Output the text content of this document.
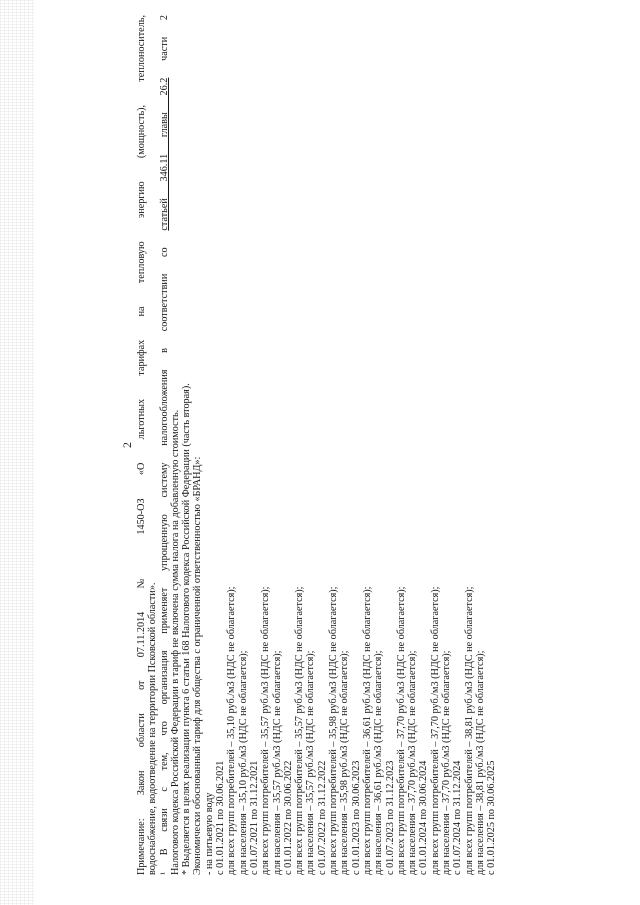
2 Примечание: Закон области от 07.11.2014 № 1450-ОЗ «О льготных тарифах на тепловую энергию (мощность), теплоноситель, водоснабжение, водоотведение на территории Псковской области». ¹ В связи с тем, что организация применяет упрощенную систему налогообложения в соответствии со статьей 346.11 главы 26.2 части 2
Налогового кодекса Российской Федерации в тариф не включена сумма налога на добавленную стоимость. * Выделяется в целях реализации пункта 6 статьи 168 Налогового кодекса Российской Федерации (часть вторая). Экономически обоснованный тариф для общества с ограниченной ответственностью «БРАНД»: - на питьевую воду с 01.01.2021 по 30.06.2021 для всех групп потребителей – 35,10 руб./м3 (НДС не облагается); для населения – 35,10 руб./м3 (НДС не облагается); с 01.07.2021 по 31.12.2021 для всех групп потребителей – 35,57 руб./м3 (НДС не облагается); для населения – 35,57 руб./м3 (НДС не облагается); с 01.01.2022 по 30.06.2022 для всех групп потребителей – 35,57 руб./м3 (НДС не облагается); для населения – 35,57 руб./м3 (НДС не облагается); с 01.07.2022 по 31.12.2022 для всех групп потребителей – 35,98 руб./м3 (НДС не облагается); для населения – 35,98 руб./м3 (НДС не облагается); с 01.01.2023 по 30.06.2023 для всех групп потребителей – 36,61 руб./м3 (НДС не облагается); для населения – 36,61 руб./м3 (НДС не облагается); с 01.07.2023 по 31.12.2023 для всех групп потребителей – 37,70 руб./м3 (НДС не облагается); для населения – 37,70 руб./м3 (НДС не облагается); с 01.01.2024 по 30.06.2024 для всех групп потребителей – 37,70 руб./м3 (НДС не облагается); для населения – 37,70 руб./м3 (НДС не облагается); с 01.07.2024 по 31.12.2024 для всех групп потребителей – 38,81 руб./м3 (НДС не облагается); для населения – 38,81 руб./м3 (НДС не облагается); с 01.01.2025 по 30.06.2025
